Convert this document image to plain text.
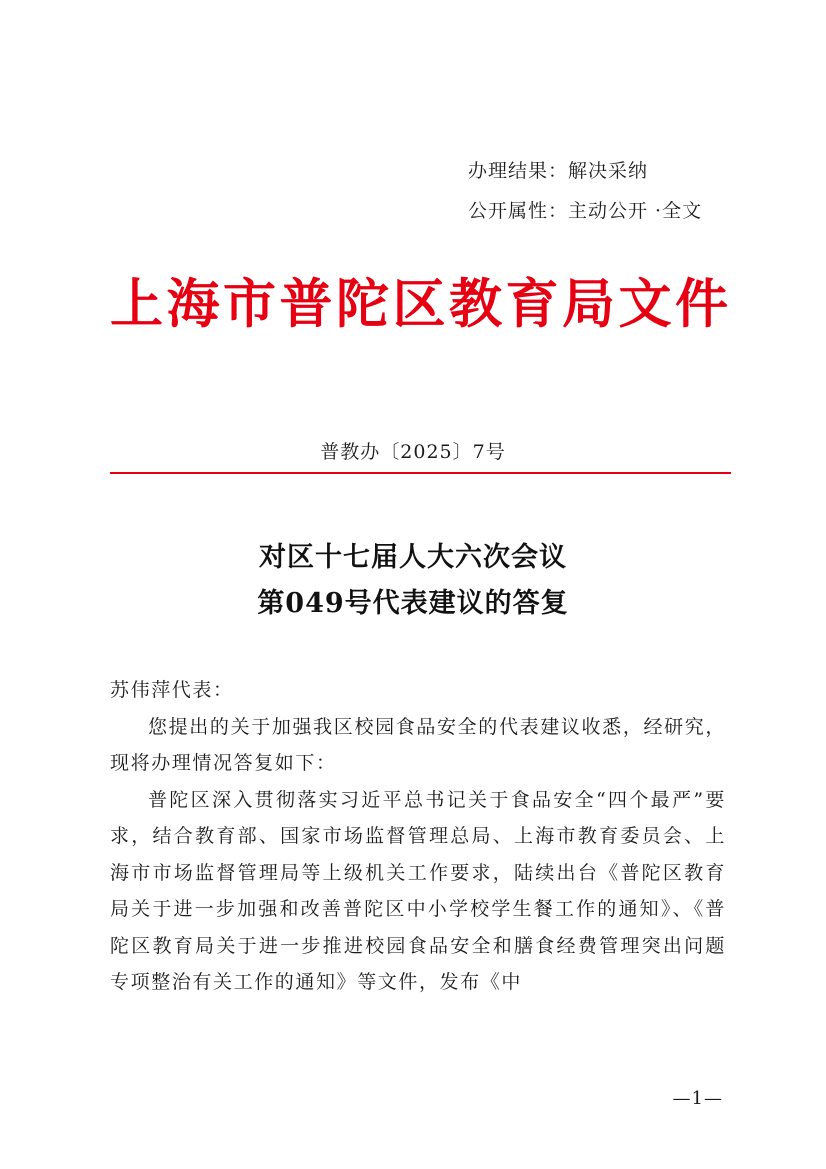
办理结果：解决采纳
公开属性：主动公开 ·全文
上海市普陀区教育局文件
普教办〔2025〕7号
对区十七届人大六次会议
第049号代表建议的答复

苏伟萍代表：

您提出的关于加强我区校园食品安全的代表建议收悉，经研究，现将办理情况答复如下：

普陀区深入贯彻落实习近平总书记关于食品安全“四个最严”要求，结合教育部、国家市场监督管理总局、上海市教育委员会、上海市市场监督管理局等上级机关工作要求，陆续出台《普陀区教育局关于进一步加强和改善普陀区中小学校学生餐工作的通知》、《普陀区教育局关于进一步推进校园食品安全和膳食经费管理突出问题专项整治有关工作的通知》等文件，发布《中

—1—
